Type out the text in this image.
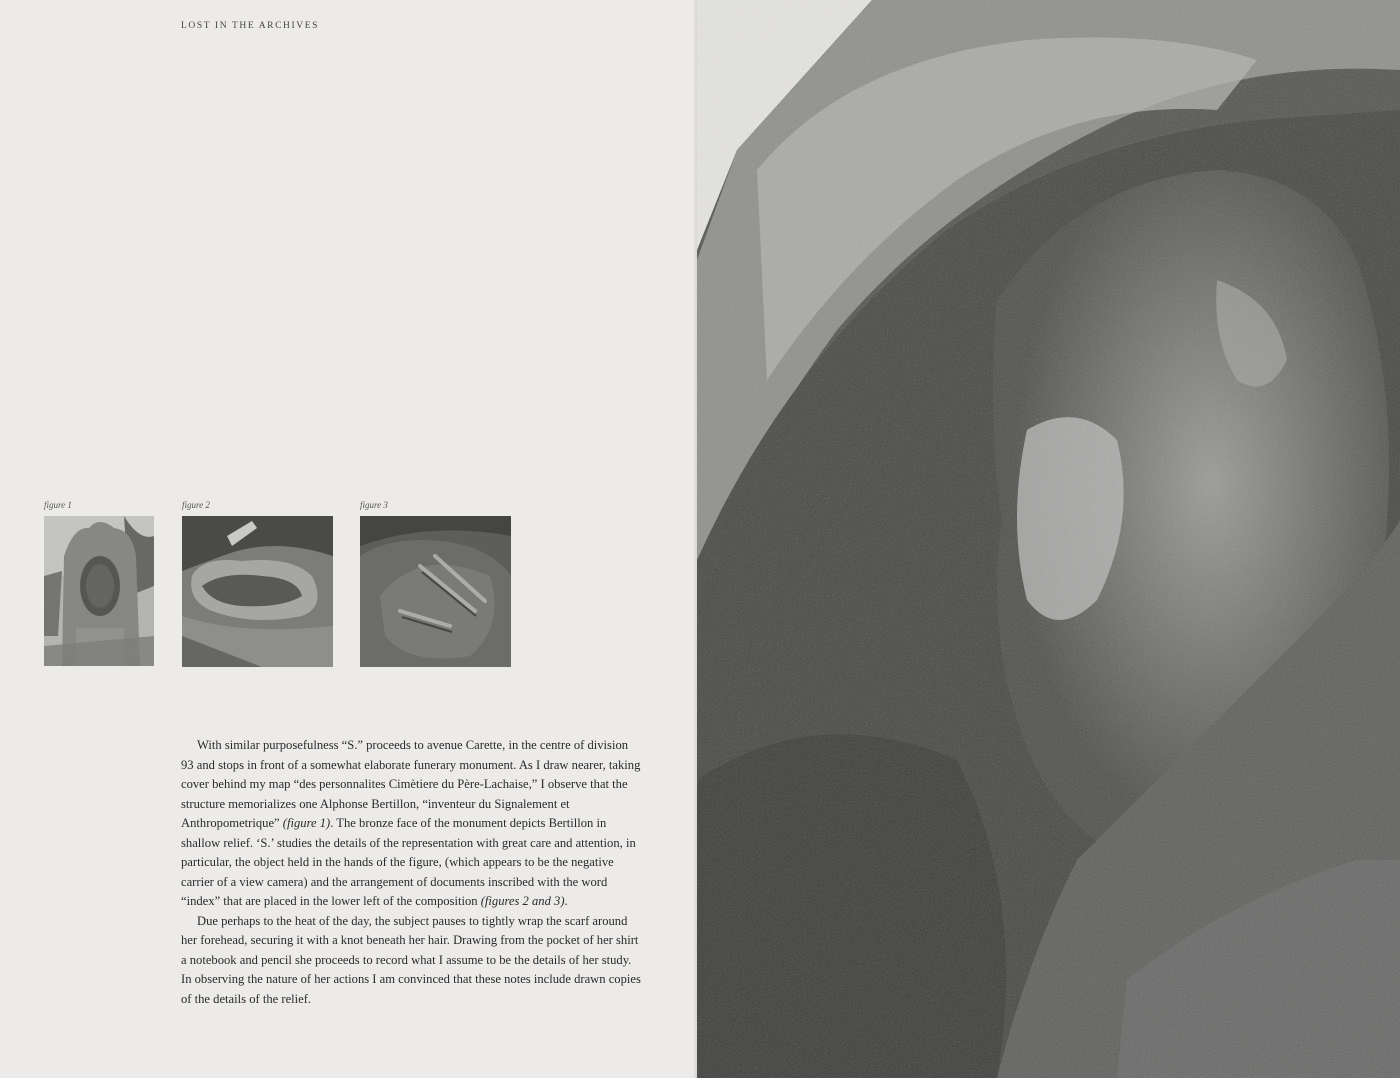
LOST IN THE ARCHIVES
figure 1	figure 2	figure 3

With similar purposefulness “S.” proceeds to avenue Carette, in the centre of division 93 and stops in front of a somewhat elaborate funerary monument. As I draw nearer, taking cover behind my map “des personnalites Cimètiere du Père-Lachaise,” I observe that the structure memorializes one Alphonse Bertillon, “inventeur du Signalement et Anthropometrique” (figure 1). The bronze face of the monument depicts Bertillon in shallow relief. ‘S.’ studies the details of the representation with great care and attention, in particular, the object held in the hands of the figure, (which appears to be the negative carrier of a view camera) and the arrangement of documents inscribed with the word “index” that are placed in the lower left of the composition (figures 2 and 3).

Due perhaps to the heat of the day, the subject pauses to tightly wrap the scarf around her forehead, securing it with a knot beneath her hair. Drawing from the pocket of her shirt a notebook and pencil she proceeds to record what I assume to be the details of her study. In observing the nature of her actions I am convinced that these notes include drawn copies of the details of the relief.
